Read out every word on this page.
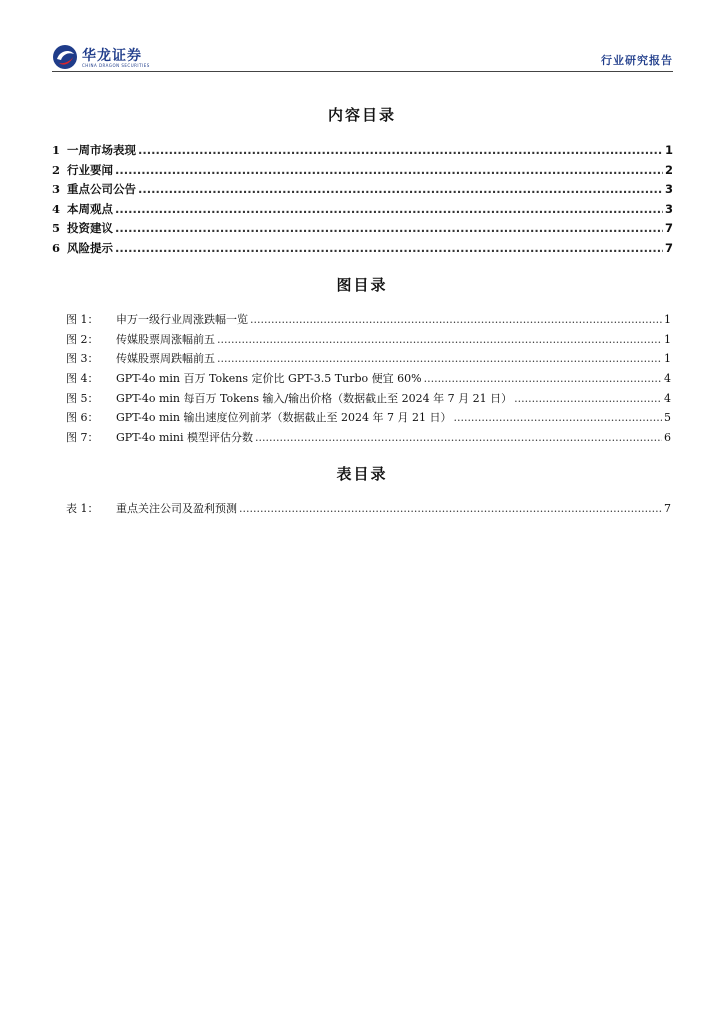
华龙证券
CHINA DRAGON SECURITIES	行业研究报告
内容目录
1 一周市场表现 .....	1
2 行业要闻 .....	2
3 重点公司公告 .....	3
4 本周观点 .....	3
5 投资建议 .....	7
6 风险提示 .....	7
图目录
图 1：	申万一级行业周涨跌幅一览 .....	1
图 2：	传媒股票周涨幅前五 .....	1
图 3：	传媒股票周跌幅前五 .....	1
图 4：	GPT-4o min 百万 Tokens 定价比 GPT-3.5 Turbo 便宜 60% .....	4
图 5：	GPT-4o min 每百万 Tokens 输入/输出价格（数据截止至 2024 年 7 月 21 日） .....	4
图 6：	GPT-4o min 输出速度位列前茅（数据截止至 2024 年 7 月 21 日） .....	5
图 7：	GPT-4o mini 模型评估分数 .....	6
表目录
表 1：	重点关注公司及盈利预测 .....	7
